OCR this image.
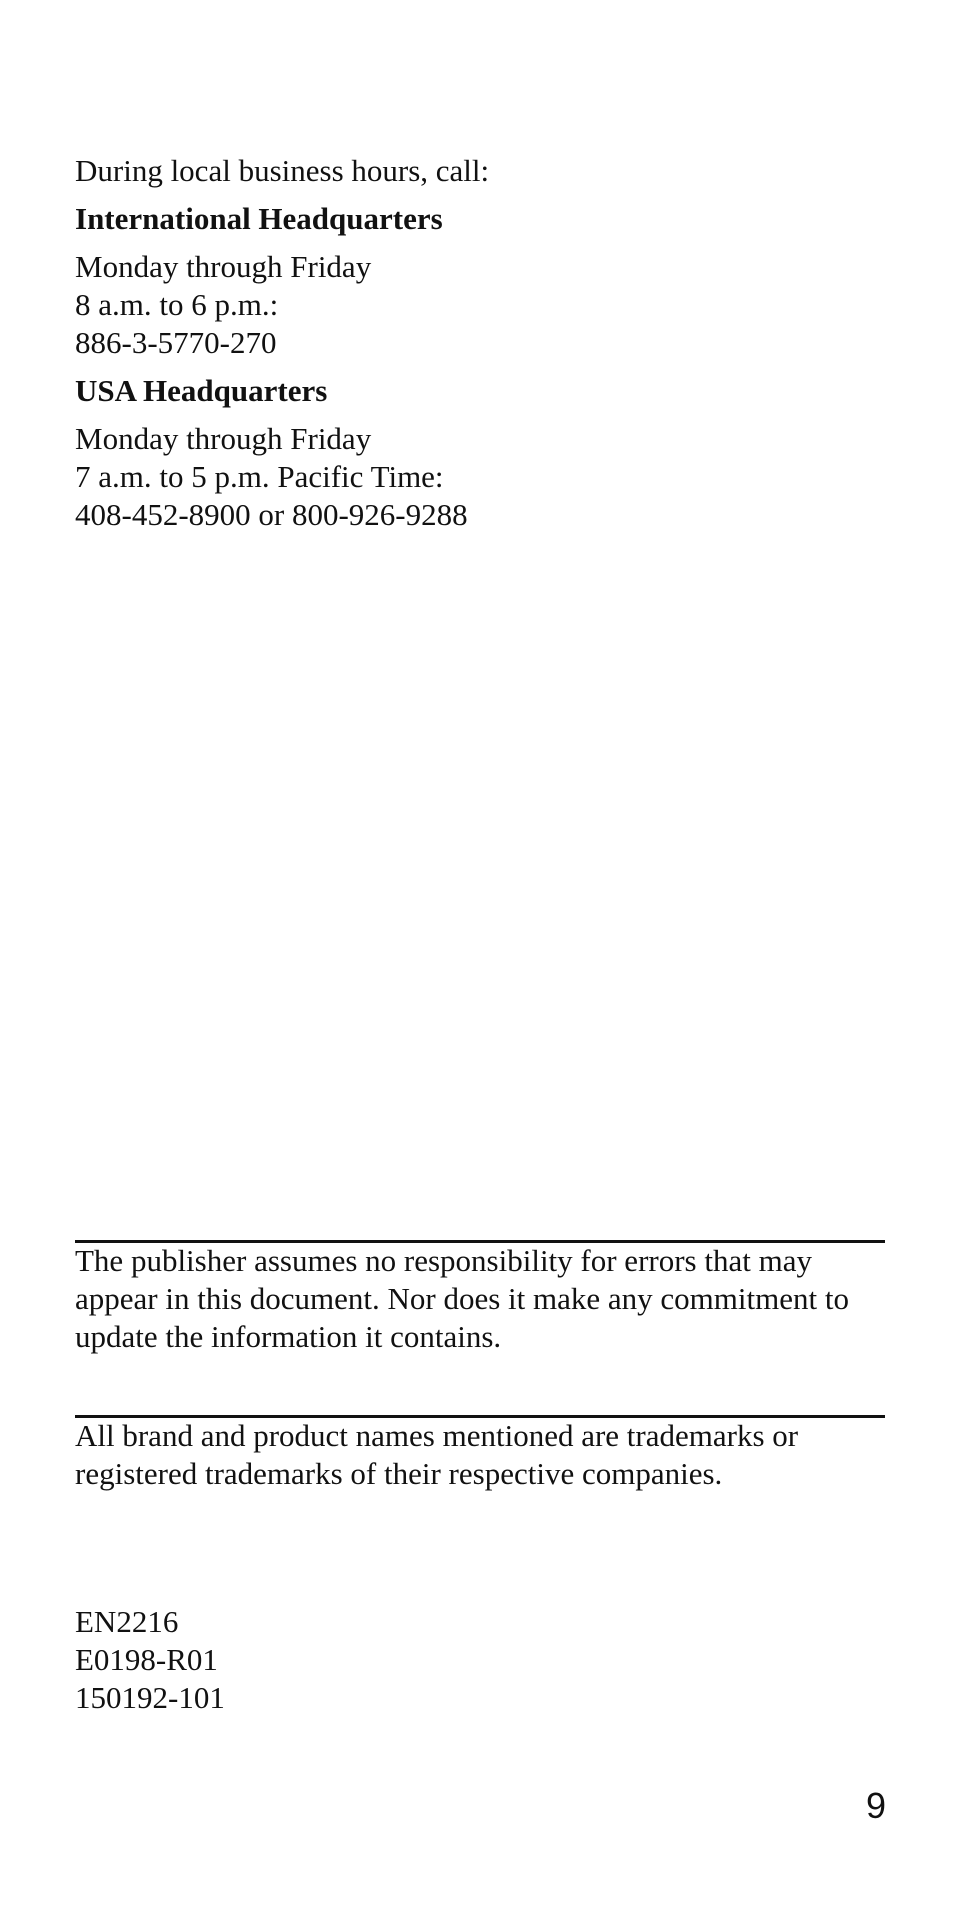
During local business hours, call:
International Headquarters
Monday through Friday
8 a.m. to 6 p.m.:
886-3-5770-270
USA Headquarters
Monday through Friday
7 a.m. to 5 p.m. Pacific Time:
408-452-8900 or 800-926-9288
The publisher assumes no responsibility for errors that may
appear in this document. Nor does it make any commitment to
update the information it contains.
All brand and product names mentioned are trademarks or
registered trademarks of their respective companies.
EN2216
E0198-R01
150192-101
9
